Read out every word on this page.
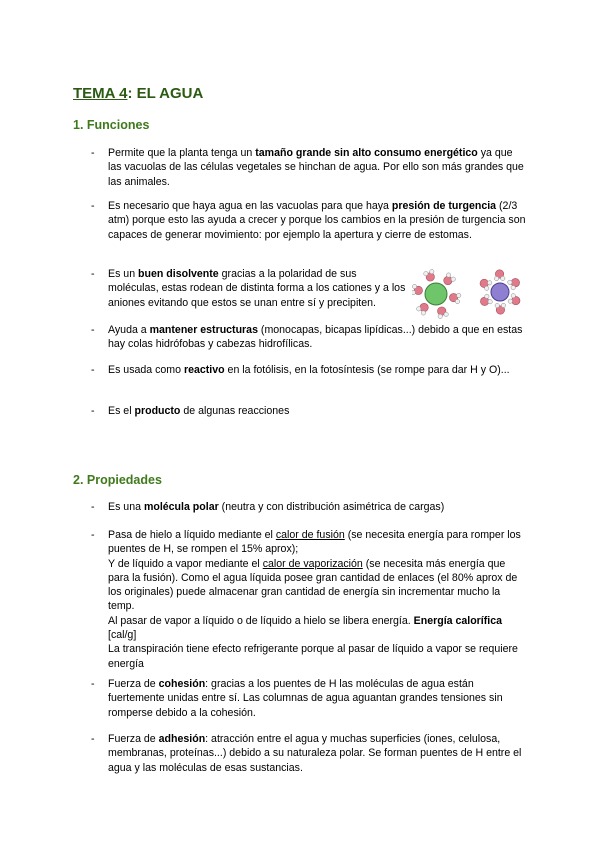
TEMA 4: EL AGUA
1. Funciones
- Permite que la planta tenga un tamaño grande sin alto consumo energético ya que las vacuolas de las células vegetales se hinchan de agua. Por ello son más grandes que las animales.

- Es necesario que haya agua en las vacuolas para que haya presión de turgencia (2/3 atm) porque esto las ayuda a crecer y porque los cambios en la presión de turgencia son capaces de generar movimiento: por ejemplo la apertura y cierre de estomas.

- Es un buen disolvente gracias a la polaridad de sus moléculas, estas rodean de distinta forma a los cationes y a los aniones evitando que estos se unan entre sí y precipiten.

- Ayuda a mantener estructuras (monocapas, bicapas lipídicas...) debido a que en estas hay colas hidrófobas y cabezas hidrofílicas.

- Es usada como reactivo en la fotólisis, en la fotosíntesis (se rompe para dar H y O)...

- Es el producto de algunas reacciones

2. Propiedades
- Es una molécula polar (neutra y con distribución asimétrica de cargas)

- Pasa de hielo a líquido mediante el calor de fusión (se necesita energía para romper los puentes de H, se rompen el 15% aprox);

Y de líquido a vapor mediante el calor de vaporización (se necesita más energía que para la fusión). Como el agua líquida posee gran cantidad de enlaces (el 80% aprox de los originales) puede almacenar gran cantidad de energía sin incrementar mucho la temp.

Al pasar de vapor a líquido o de líquido a hielo se libera energía. Energía calorífica [cal/g]

La transpiración tiene efecto refrigerante porque al pasar de líquido a vapor se requiere energía

- Fuerza de cohesión: gracias a los puentes de H las moléculas de agua están fuertemente unidas entre sí. Las columnas de agua aguantan grandes tensiones sin romperse debido a la cohesión.

- Fuerza de adhesión: atracción entre el agua y muchas superficies (iones, celulosa, membranas, proteínas...) debido a su naturaleza polar. Se forman puentes de H entre el agua y las moléculas de esas sustancias.
